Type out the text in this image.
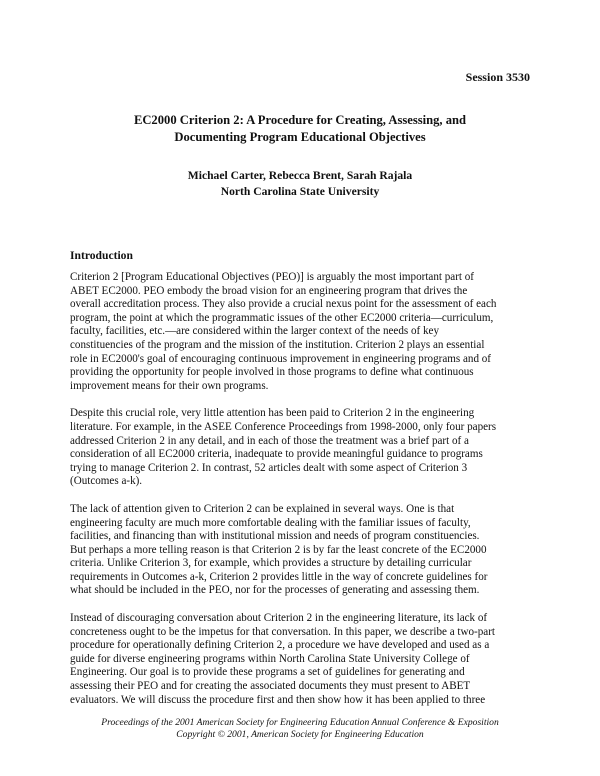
Session 3530
EC2000 Criterion 2: A Procedure for Creating, Assessing, and
Documenting Program Educational Objectives
Michael Carter, Rebecca Brent, Sarah Rajala
North Carolina State University
Introduction

Criterion 2 [Program Educational Objectives (PEO)] is arguably the most important part of
ABET EC2000. PEO embody the broad vision for an engineering program that drives the
overall accreditation process. They also provide a crucial nexus point for the assessment of each
program, the point at which the programmatic issues of the other EC2000 criteria—curriculum,
faculty, facilities, etc.—are considered within the larger context of the needs of key
constituencies of the program and the mission of the institution. Criterion 2 plays an essential
role in EC2000's goal of encouraging continuous improvement in engineering programs and of
providing the opportunity for people involved in those programs to define what continuous
improvement means for their own programs.

Despite this crucial role, very little attention has been paid to Criterion 2 in the engineering
literature. For example, in the ASEE Conference Proceedings from 1998-2000, only four papers
addressed Criterion 2 in any detail, and in each of those the treatment was a brief part of a
consideration of all EC2000 criteria, inadequate to provide meaningful guidance to programs
trying to manage Criterion 2. In contrast, 52 articles dealt with some aspect of Criterion 3
(Outcomes a-k).

The lack of attention given to Criterion 2 can be explained in several ways. One is that
engineering faculty are much more comfortable dealing with the familiar issues of faculty,
facilities, and financing than with institutional mission and needs of program constituencies.
But perhaps a more telling reason is that Criterion 2 is by far the least concrete of the EC2000
criteria. Unlike Criterion 3, for example, which provides a structure by detailing curricular
requirements in Outcomes a-k, Criterion 2 provides little in the way of concrete guidelines for
what should be included in the PEO, nor for the processes of generating and assessing them.

Instead of discouraging conversation about Criterion 2 in the engineering literature, its lack of
concreteness ought to be the impetus for that conversation. In this paper, we describe a two-part
procedure for operationally defining Criterion 2, a procedure we have developed and used as a
guide for diverse engineering programs within North Carolina State University College of
Engineering. Our goal is to provide these programs a set of guidelines for generating and
assessing their PEO and for creating the associated documents they must present to ABET
evaluators. We will discuss the procedure first and then show how it has been applied to three

Proceedings of the 2001 American Society for Engineering Education Annual Conference & Exposition
Copyright © 2001, American Society for Engineering Education
